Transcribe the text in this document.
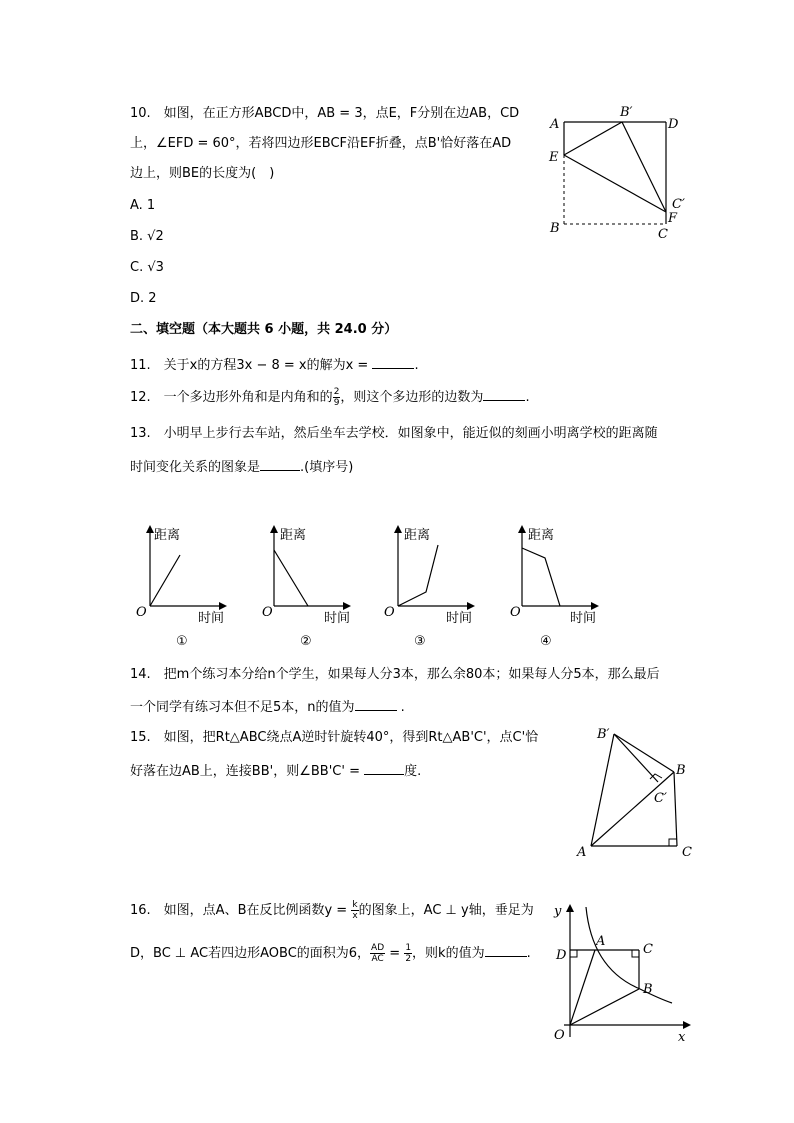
10.　如图，在正方形ABCD中，AB = 3，点E，F分别在边AB，CD
上，∠EFD = 60°，若将四边形EBCF沿EF折叠，点B'恰好落在AD
边上，则BE的长度为(　)
A. 1
B. √2
C. √3
D. 2
A
B′
D
E
C′
F
B	C
二、填空题（本大题共 6 小题，共 24.0 分）
11.　关于x的方程3x − 8 = x的解为x =	.
12.　一个多边形外角和是内角和的 $\frac{2}{9}$ ，则这个多边形的边数为	.
13.　小明早上步行去车站，然后坐车去学校．如图象中，能近似的刻画小明离学校的距离随
时间变化关系的图象是	.(填序号)
距离
时间
O
①
距离
时间
O
②
距离
时间
O
③
距离
时间
O
④
14.　把m个练习本分给n个学生，如果每人分3本，那么余80本；如果每人分5本，那么最后
一个同学有练习本但不足5本，n的值为	.
15.　如图，把Rt△ABC绕点A逆时针旋转40°，得到Rt△AB'C'，点C'恰
好落在边AB上，连接BB'，则∠BB'C' =	度.
B′
B
C′
A	C
16.　如图，点A、B在反比例函数$y = \frac{k}{x}$ 的图象上，AC ⊥ y轴，垂足为
D，BC ⊥ AC若四边形AOBC的面积为6， $\frac{AD}{AC} = \frac{1}{2}$ ，则k的值为	.
y
A
C
D
B
O	x
